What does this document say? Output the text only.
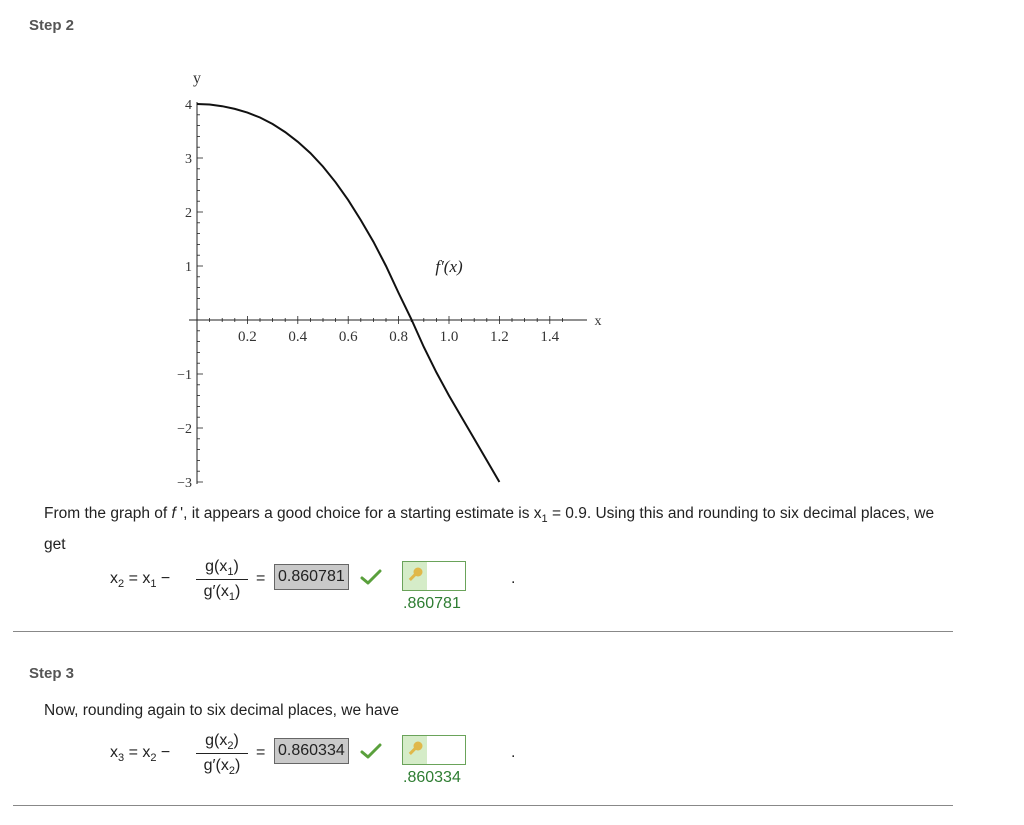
Step 2
0.2 0.4 0.6 0.8 1.0 1.2 1.4
4
3
2
1
−1
−2
−3
x
y
f′(x)
From the graph of f ', it appears a good choice for a starting estimate is $x_1 = 0.9$. Using this and rounding to six decimal places, we get
$x_2 = x_1$ −
$g(x_1)$
$g'(x_1)$
= 0.860781
.860781
.
Step 3
Now, rounding again to six decimal places, we have
$x_3 = x_2$ −
$g(x_2)$
$g'(x_2)$
= 0.860334
.860334
.
